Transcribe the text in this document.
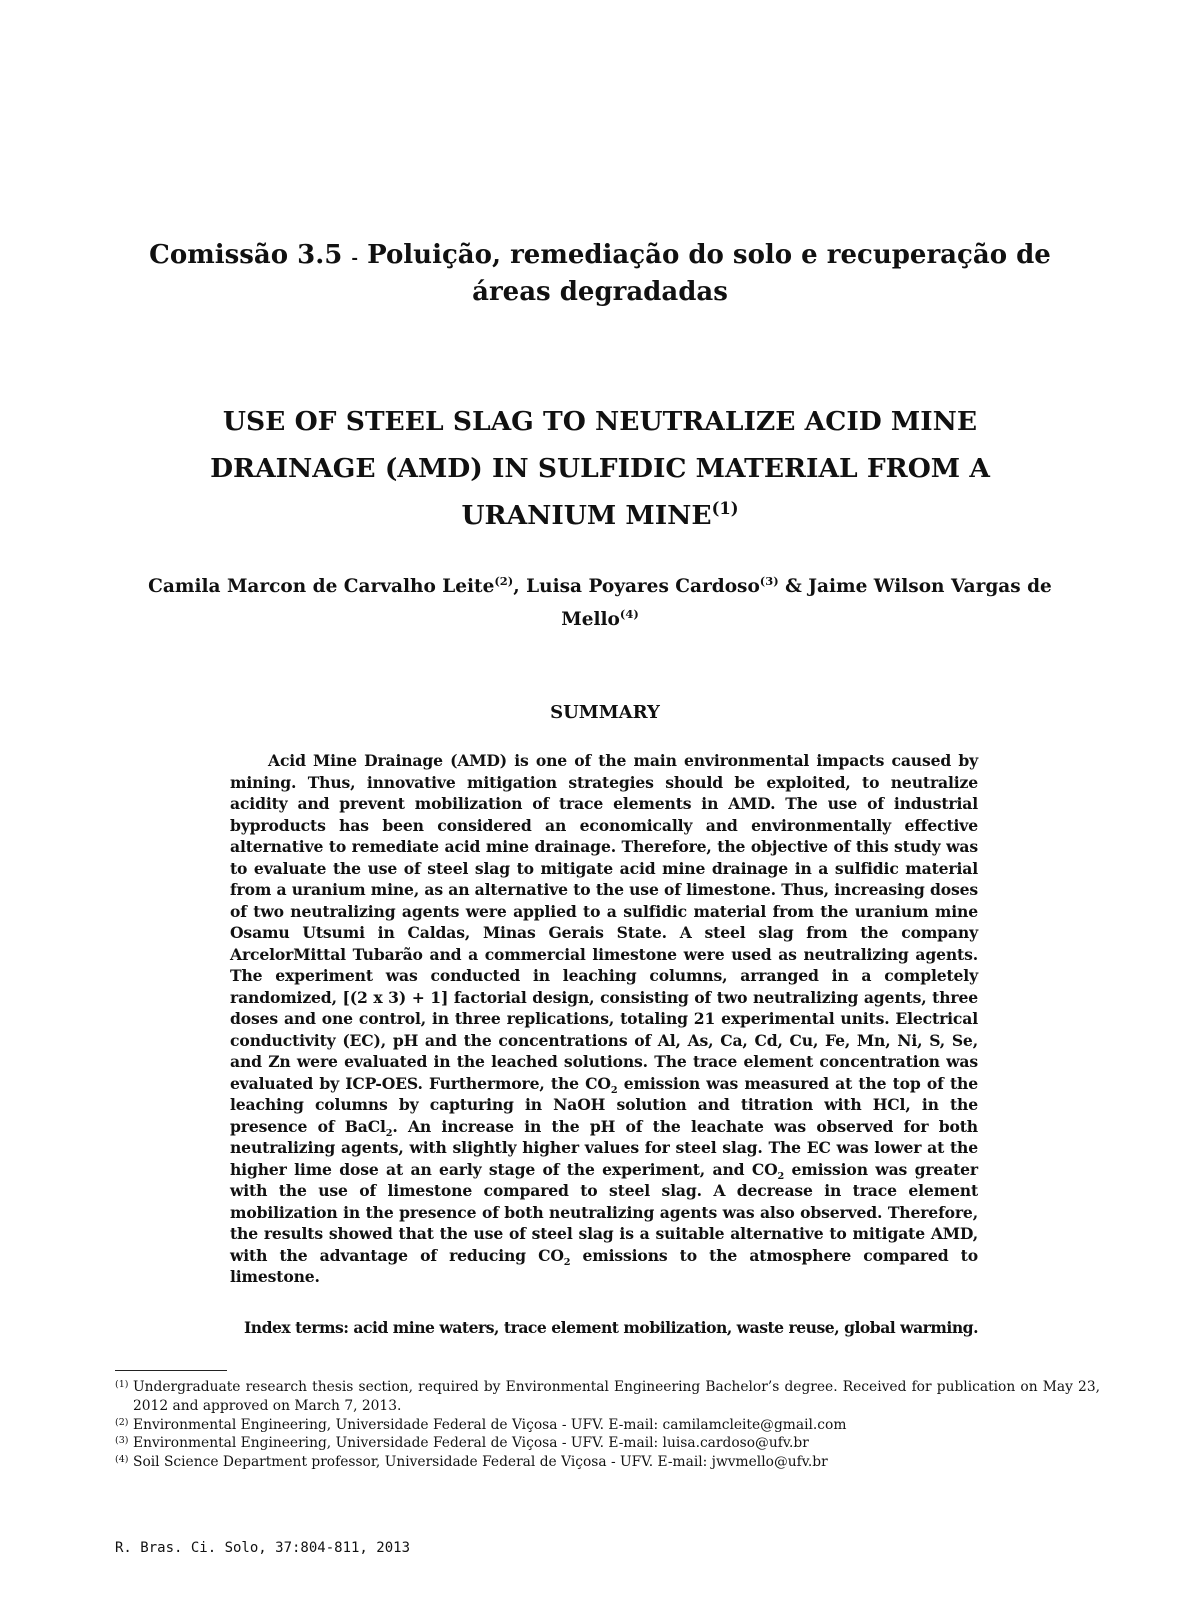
Comissão 3.5 - Poluição, remediação do solo e recuperação de
áreas degradadas
USE OF STEEL SLAG TO NEUTRALIZE ACID MINE
DRAINAGE (AMD) IN SULFIDIC MATERIAL FROM A
URANIUM MINE$^{(1)}$
Camila Marcon de Carvalho Leite$^{(2)}$, Luisa Poyares Cardoso$^{(3)}$ & Jaime Wilson Vargas de Mello$^{(4)}$
SUMMARY

Acid Mine Drainage (AMD) is one of the main environmental impacts caused by mining. Thus, innovative mitigation strategies should be exploited, to neutralize acidity and prevent mobilization of trace elements in AMD. The use of industrial byproducts has been considered an economically and environmentally effective alternative to remediate acid mine drainage. Therefore, the objective of this study was to evaluate the use of steel slag to mitigate acid mine drainage in a sulfidic material from a uranium mine, as an alternative to the use of limestone. Thus, increasing doses of two neutralizing agents were applied to a sulfidic material from the uranium mine Osamu Utsumi in Caldas, Minas Gerais State. A steel slag from the company ArcelorMittal Tubarão and a commercial limestone were used as neutralizing agents. The experiment was conducted in leaching columns, arranged in a completely randomized, [(2 x 3) + 1] factorial design, consisting of two neutralizing agents, three doses and one control, in three replications, totaling 21 experimental units. Electrical conductivity (EC), pH and the concentrations of Al, As, Ca, Cd, Cu, Fe, Mn, Ni, S, Se, and Zn were evaluated in the leached solutions. The trace element concentration was evaluated by ICP-OES. Furthermore, the $CO_2$ emission was measured at the top of the leaching columns by capturing in NaOH solution and titration with HCl, in the presence of BaCl$_2$. An increase in the pH of the leachate was observed for both neutralizing agents, with slightly higher values for steel slag. The EC was lower at the higher lime dose at an early stage of the experiment, and $CO_2$ emission was greater with the use of limestone compared to steel slag. A decrease in trace element mobilization in the presence of both neutralizing agents was also observed. Therefore, the results showed that the use of steel slag is a suitable alternative to mitigate AMD, with the advantage of reducing $CO_2$ emissions to the atmosphere compared to limestone.

Index terms: acid mine waters, trace element mobilization, waste reuse, global warming.
(1) Undergraduate research thesis section, required by Environmental Engineering Bachelor’s degree. Received for publication on May 23, 2012 and approved on March 7, 2013.
(2) Environmental Engineering, Universidade Federal de Viçosa - UFV. E-mail: camilamcleite@gmail.com
(3) Environmental Engineering, Universidade Federal de Viçosa - UFV. E-mail: luisa.cardoso@ufv.br
(4) Soil Science Department professor, Universidade Federal de Viçosa - UFV. E-mail: jwvmello@ufv.br
R. Bras. Ci. Solo, 37:804-811, 2013
